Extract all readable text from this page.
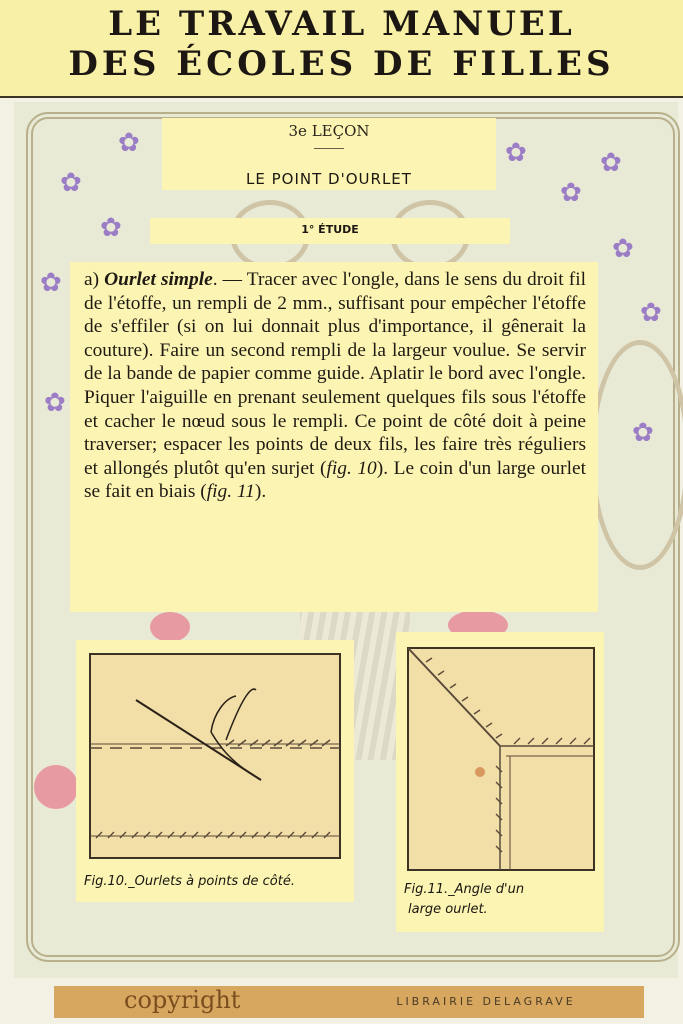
LE TRAVAIL MANUEL
DES ÉCOLES DE FILLES
✿
✿
✿
✿
✿
✿
✿
✿
✿
✿
✿
3e LEÇON
LE POINT D'OURLET
1° ÉTUDE
a) Ourlet simple. — Tracer avec l'ongle, dans le sens du droit fil de l'étoffe, un rempli de 2 mm., suffisant pour empêcher l'étoffe de s'effiler (si on lui donnait plus d'importance, il gênerait la couture). Faire un second rempli de la largeur voulue. Se servir de la bande de papier comme guide. Aplatir le bord avec l'ongle. Piquer l'aiguille en prenant seulement quelques fils sous l'étoffe et cacher le nœud sous le rempli. Ce point de côté doit à peine traverser; espacer les points de deux fils, les faire très réguliers et allongés plutôt qu'en surjet (fig. 10). Le coin d'un large ourlet se fait en biais (fig. 11).
Fig.10._Ourlets à points de côté.
Fig.11._Angle d'un
large ourlet.
copyright	LIBRAIRIE DELAGRAVE
